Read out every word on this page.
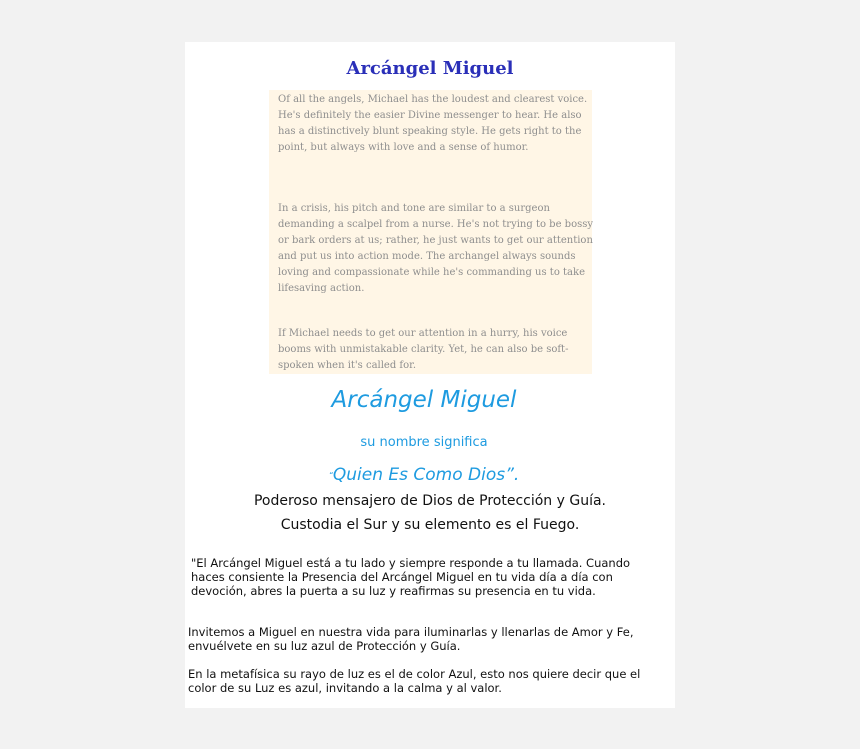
Arcángel Miguel

Of all the angels, Michael has the loudest and clearest voice. He's definitely the easier Divine messenger to hear. He also has a distinctively blunt speaking style. He gets right to the point, but always with love and a sense of humor.

In a crisis, his pitch and tone are similar to a surgeon demanding a scalpel from a nurse. He's not trying to be bossy or bark orders at us; rather, he just wants to get our attention and put us into action mode. The archangel always sounds loving and compassionate while he's commanding us to take lifesaving action.

If Michael needs to get our attention in a hurry, his voice booms with unmistakable clarity. Yet, he can also be soft-spoken when it's called for.

Arcángel Miguel
su nombre significa
“Quien Es Como Dios”.
Poderoso mensajero de Dios de Protección y Guía.
Custodia el Sur y su elemento es el Fuego.

"El Arcángel Miguel está a tu lado y siempre responde a tu llamada. Cuando haces consiente la Presencia del Arcángel Miguel en tu vida día a día con devoción, abres la puerta a su luz y reafirmas su presencia en tu vida.

Invitemos a Miguel en nuestra vida para iluminarlas y llenarlas de Amor y Fe, envuélvete en su luz azul de Protección y Guía.

En la metafísica su rayo de luz es el de color Azul, esto nos quiere decir que el color de su Luz es azul, invitando a la calma y al valor.
